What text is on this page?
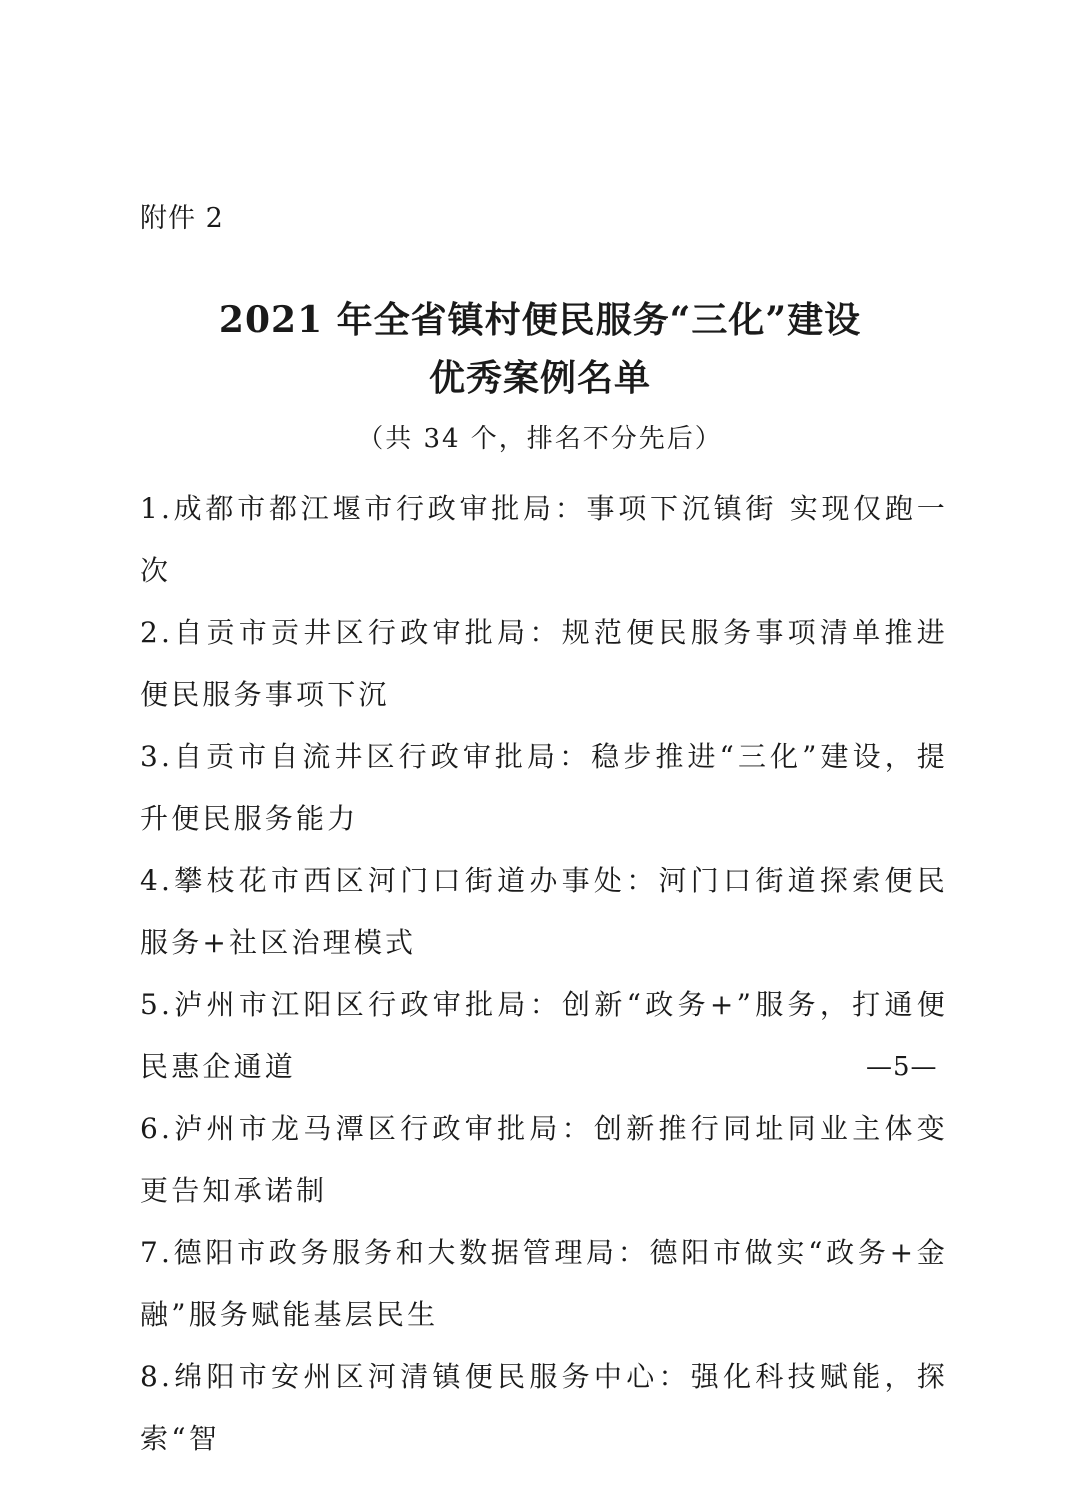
附件 2
2021 年全省镇村便民服务“三化”建设
优秀案例名单
（共 34 个，排名不分先后）

1.成都市都江堰市行政审批局：事项下沉镇街 实现仅跑一次

2.自贡市贡井区行政审批局：规范便民服务事项清单推进便民服务事项下沉

3.自贡市自流井区行政审批局：稳步推进“三化”建设，提升便民服务能力

4.攀枝花市西区河门口街道办事处：河门口街道探索便民服务+社区治理模式

5.泸州市江阳区行政审批局：创新“政务+”服务，打通便民惠企通道

6.泸州市龙马潭区行政审批局：创新推行同址同业主体变更告知承诺制

7.德阳市政务服务和大数据管理局：德阳市做实“政务+金融”服务赋能基层民生

8.绵阳市安州区河清镇便民服务中心：强化科技赋能，探索“智

—5—
